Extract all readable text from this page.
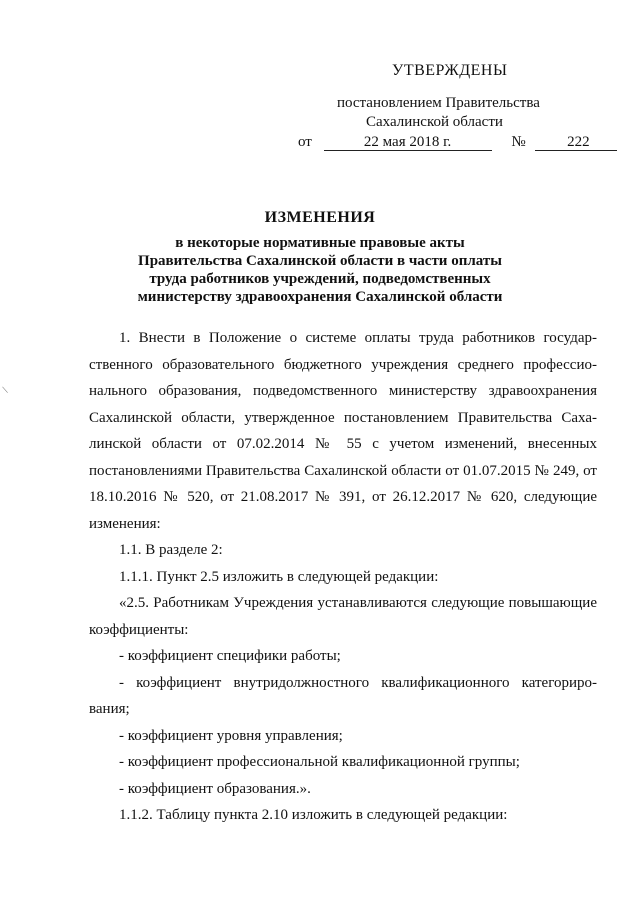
УТВЕРЖДЕНЫ
постановлением Правительства
Сахалинской области
от	22 мая 2018 г.	№	222
ИЗМЕНЕНИЯ
в некоторые нормативные правовые акты
Правительства Сахалинской области в части оплаты
труда работников учреждений, подведомственных
министерству здравоохранения Сахалинской области

1. Внести в Положение о системе оплаты труда работников государственного образовательного бюджетного учреждения среднего профессионального образования, подведомственного министерству здравоохранения Сахалинской области, утвержденное постановлением Правительства Сахалинской области от 07.02.2014 № 55 с учетом изменений, внесенных постановлениями Правительства Сахалинской области от 01.07.2015 № 249, от 18.10.2016 № 520, от 21.08.2017 № 391, от 26.12.2017 № 620, следующие изменения:

1.1. В разделе 2:

1.1.1. Пункт 2.5 изложить в следующей редакции:

«2.5. Работникам Учреждения устанавливаются следующие повышающие коэффициенты:

- коэффициент специфики работы;

- коэффициент внутридолжностного квалификационного категорирования;

- коэффициент уровня управления;

- коэффициент профессиональной квалификационной группы;

- коэффициент образования.».

1.1.2. Таблицу пункта 2.10 изложить в следующей редакции:

/
